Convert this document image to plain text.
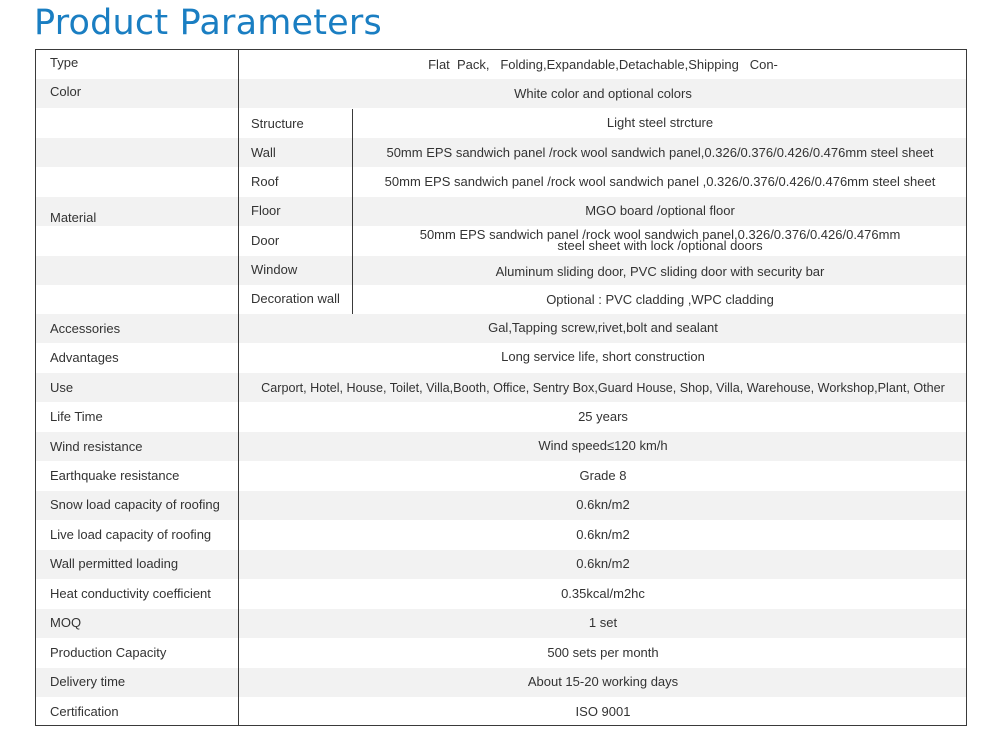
Product Parameters
Type	Flat  Pack,   Folding,Expandable,Detachable,Shipping   Con-
Color	White color and optional colors
Material
Structure	Light steel strcture
Wall	50mm EPS sandwich panel /rock wool sandwich panel,0.326/0.376/0.426/0.476mm steel sheet
Roof	50mm EPS sandwich panel /rock wool sandwich panel ,0.326/0.376/0.426/0.476mm steel sheet
Floor	MGO board /optional floor
Door	50mm EPS sandwich panel /rock wool sandwich panel,0.326/0.376/0.426/0.476mm
steel sheet with lock /optional doors
Window	Aluminum sliding door, PVC sliding door with security bar
Decoration wall	Optional : PVC cladding ,WPC cladding
Accessories	Gal,Tapping screw,rivet,bolt and sealant
Advantages	Long service life, short construction
Use	Carport, Hotel, House, Toilet, Villa,Booth, Office, Sentry Box,Guard House, Shop, Villa, Warehouse, Workshop,Plant, Other
Life Time	25 years
Wind resistance	Wind speed≤120 km/h
Earthquake resistance	Grade 8
Snow load capacity of roofing	0.6kn/m2
Live load capacity of roofing	0.6kn/m2
Wall permitted loading	0.6kn/m2
Heat conductivity coefficient	0.35kcal/m2hc
MOQ	1 set
Production Capacity	500 sets per month
Delivery time	About 15-20 working days
Certification	ISO 9001
